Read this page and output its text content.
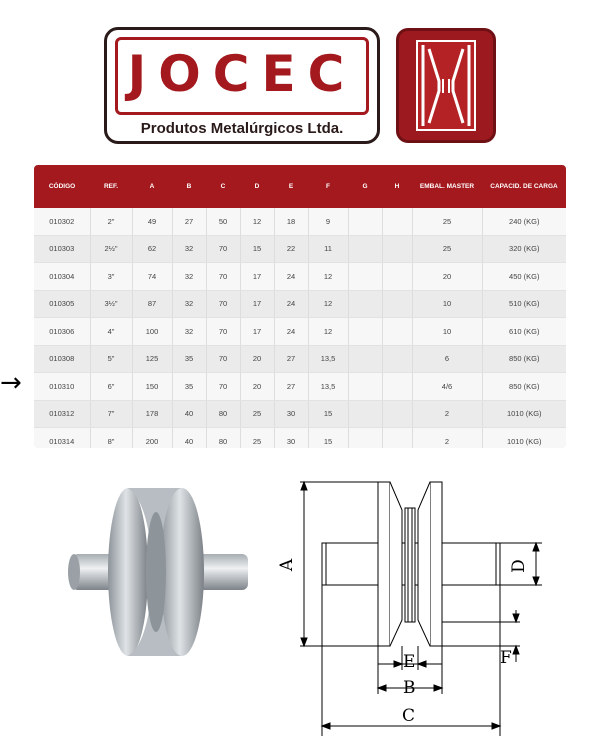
JOCEC
Produtos Metalúrgicos Ltda.
CÓDIGO	REF.	A	B	C	D	E	F	G	H	EMBAL. MASTER	CAPACID. DE CARGA
010302	2"	49	27	50	12	18	9			25	240 (KG)
010303	2½"	62	32	70	15	22	11			25	320 (KG)
010304	3"	74	32	70	17	24	12			20	450 (KG)
010305	3½"	87	32	70	17	24	12			10	510 (KG)
010306	4"	100	32	70	17	24	12			10	610 (KG)
010308	5"	125	35	70	20	27	13,5			6	850 (KG)
010310	6"	150	35	70	20	27	13,5			4/6	850 (KG)
010312	7"	178	40	80	25	30	15			2	1010 (KG)
010314	8"	200	40	80	25	30	15			2	1010 (KG)
→
A	D
E	F
B
C
